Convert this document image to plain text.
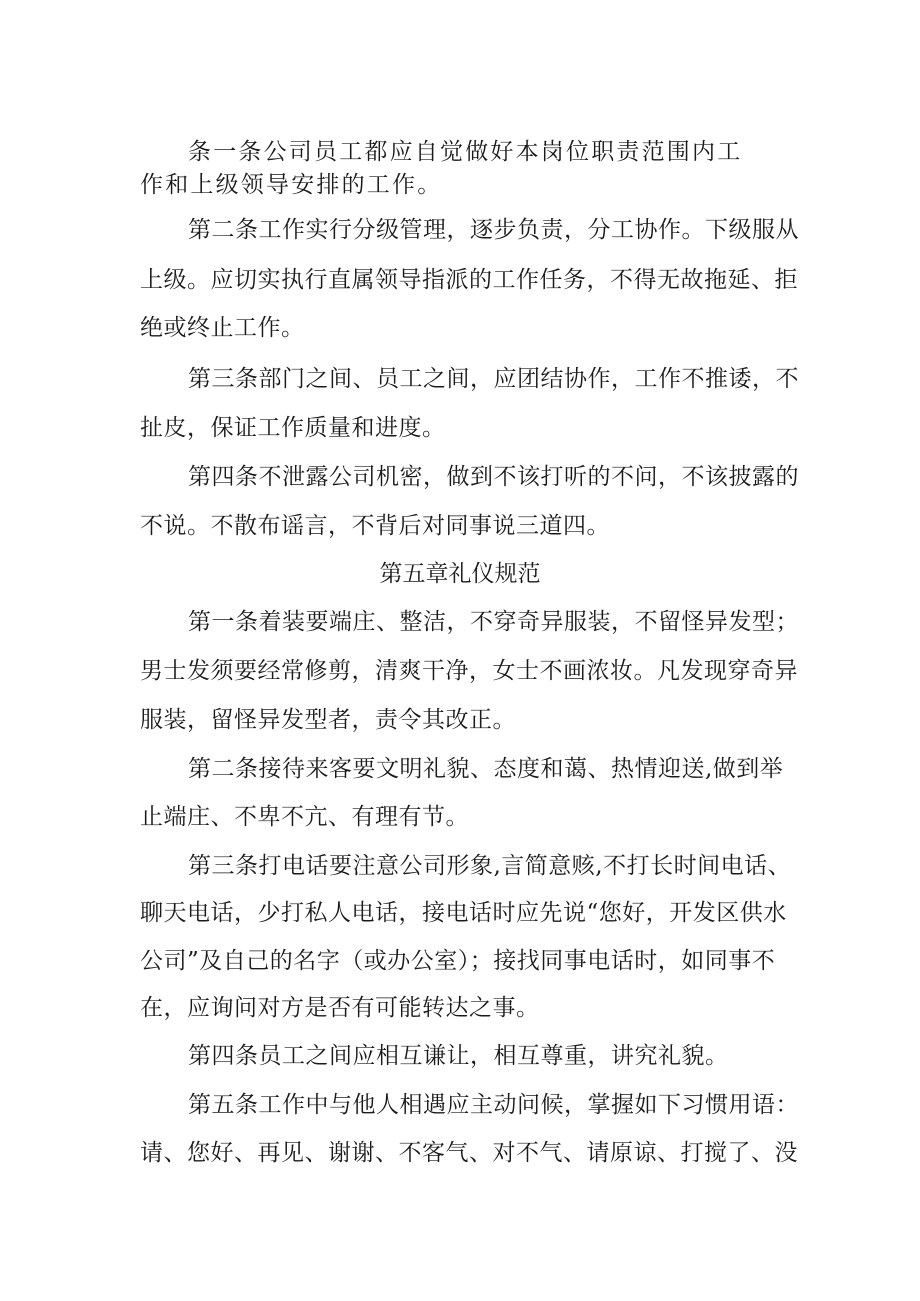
条一条公司员工都应自觉做好本岗位职责范围内工
作和上级领导安排的工作。
第二条工作实行分级管理，逐步负责，分工协作。下级服从
上级。应切实执行直属领导指派的工作任务，不得无故拖延、拒
绝或终止工作。
第三条部门之间、员工之间，应团结协作，工作不推诿，不
扯皮，保证工作质量和进度。
第四条不泄露公司机密，做到不该打听的不问，不该披露的
不说。不散布谣言，不背后对同事说三道四。
第五章礼仪规范
第一条着装要端庄、整洁，不穿奇异服装，不留怪异发型；
男士发须要经常修剪，清爽干净，女士不画浓妆。凡发现穿奇异
服装，留怪异发型者，责令其改正。
第二条接待来客要文明礼貌、态度和蔼、热情迎送,做到举
止端庄、不卑不亢、有理有节。
第三条打电话要注意公司形象,言简意赅,不打长时间电话、
聊天电话，少打私人电话，接电话时应先说“您好，开发区供水
公司”及自己的名字（或办公室）；接找同事电话时，如同事不
在，应询问对方是否有可能转达之事。
第四条员工之间应相互谦让，相互尊重，讲究礼貌。
第五条工作中与他人相遇应主动问候，掌握如下习惯用语：
请、您好、再见、谢谢、不客气、对不气、请原谅、打搅了、没
